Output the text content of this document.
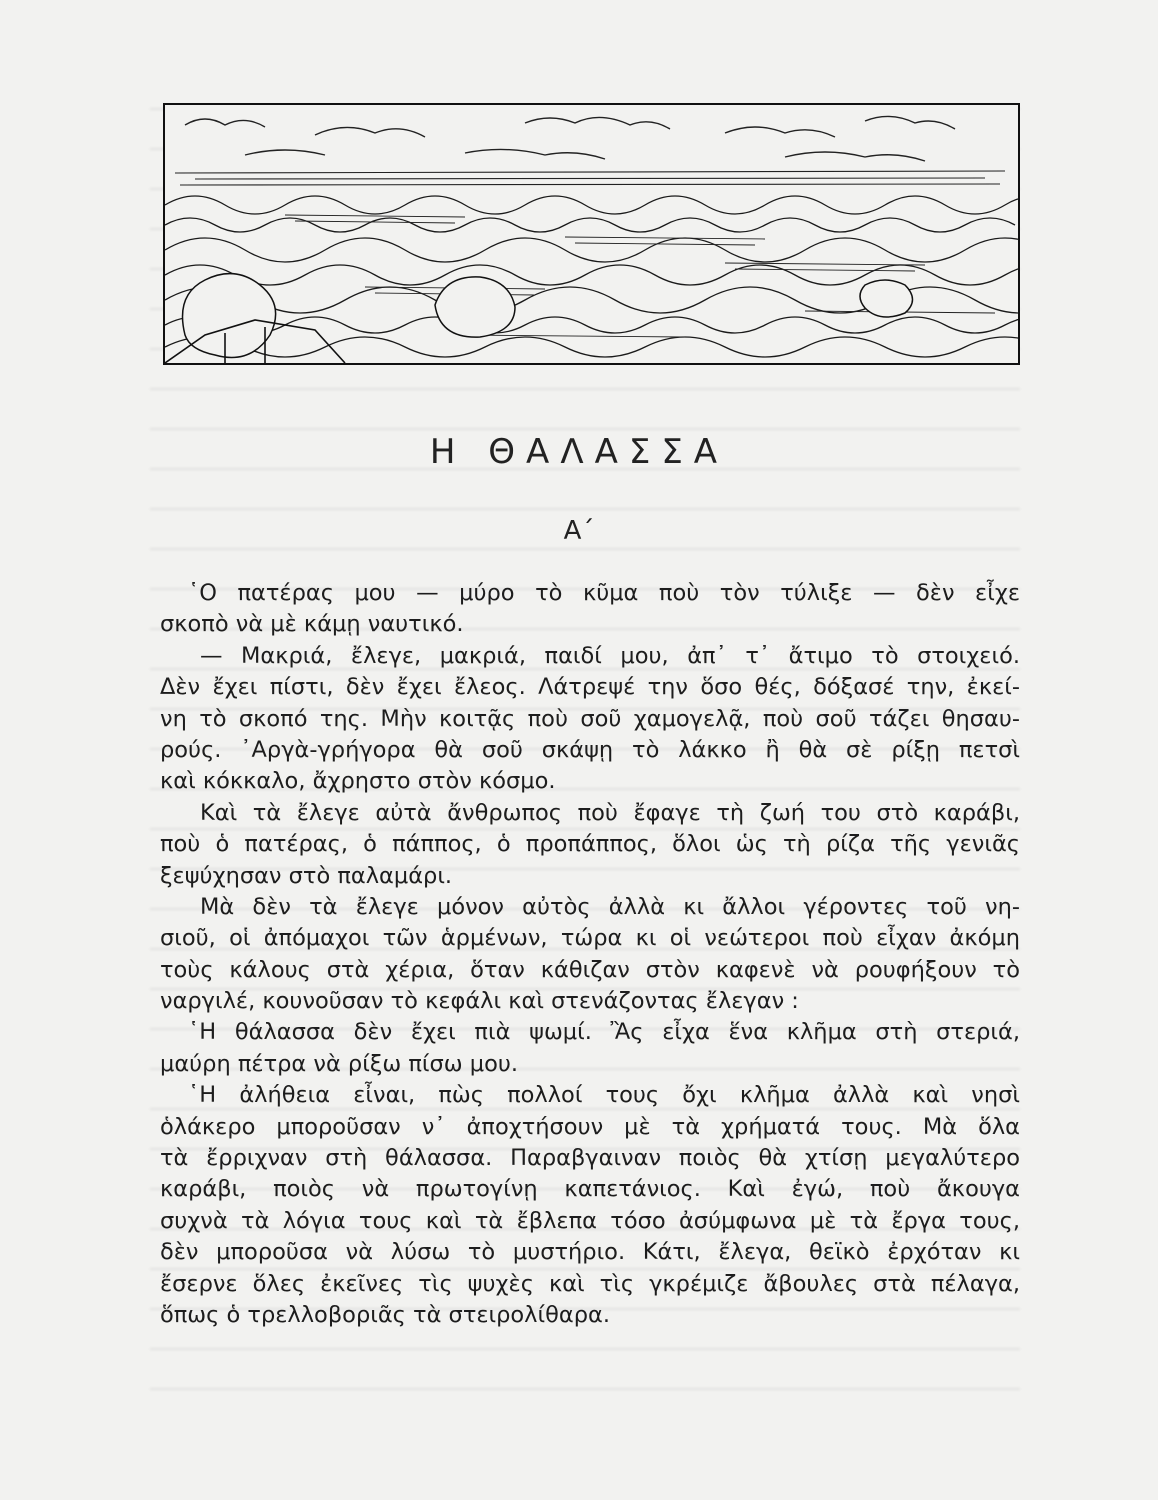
Η ΘΑΛΑΣΣΑ
Α΄
῾Ο πατέρας μου — μύρο τὸ κῦμα ποὺ τὸν τύλιξε — δὲν εἶχε
σκοπὸ νὰ μὲ κάμῃ ναυτικό.
— Μακριά, ἔλεγε, μακριά, παιδί μου, ἀπ᾽ τ᾽ ἄτιμο τὸ στοιχειό.
Δὲν ἔχει πίστι, δὲν ἔχει ἔλεος. Λάτρεψέ την ὅσο θές, δόξασέ την, ἐκεί-
νη τὸ σκοπό της. Μὴν κοιτᾷς ποὺ σοῦ χαμογελᾷ, ποὺ σοῦ τάζει θησαυ-
ρούς. ᾿Αργὰ-γρήγορα θὰ σοῦ σκάψῃ τὸ λάκκο ἢ θὰ σὲ ρίξῃ πετσὶ
καὶ κόκκαλο, ἄχρηστο στὸν κόσμο.
Καὶ τὰ ἔλεγε αὐτὰ ἄνθρωπος ποὺ ἔφαγε τὴ ζωή του στὸ καράβι,
ποὺ ὁ πατέρας, ὁ πάππος, ὁ προπάππος, ὅλοι ὡς τὴ ρίζα τῆς γενιᾶς
ξεψύχησαν στὸ παλαμάρι.
Μὰ δὲν τὰ ἔλεγε μόνον αὐτὸς ἀλλὰ κι ἄλλοι γέροντες τοῦ νη-
σιοῦ, οἱ ἀπόμαχοι τῶν ἁρμένων, τώρα κι οἱ νεώτεροι ποὺ εἶχαν ἀκόμη
τοὺς κάλους στὰ χέρια, ὅταν κάθιζαν στὸν καφενὲ νὰ ρουφήξουν τὸ
ναργιλέ, κουνοῦσαν τὸ κεφάλι καὶ στενάζοντας ἔλεγαν :
῾Η θάλασσα δὲν ἔχει πιὰ ψωμί. Ἂς εἶχα ἕνα κλῆμα στὴ στεριά,
μαύρη πέτρα νὰ ρίξω πίσω μου.
῾Η ἀλήθεια εἶναι, πὼς πολλοί τους ὄχι κλῆμα ἀλλὰ καὶ νησὶ
ὁλάκερο μποροῦσαν ν᾽ ἀποχτήσουν μὲ τὰ χρήματά τους. Μὰ ὅλα
τὰ ἔρριχναν στὴ θάλασσα. Παραβγαιναν ποιὸς θὰ χτίσῃ μεγαλύτερο
καράβι, ποιὸς νὰ πρωτογίνῃ καπετάνιος. Καὶ ἐγώ, ποὺ ἄκουγα
συχνὰ τὰ λόγια τους καὶ τὰ ἔβλεπα τόσο ἀσύμφωνα μὲ τὰ ἔργα τους,
δὲν μποροῦσα νὰ λύσω τὸ μυστήριο. Κάτι, ἔλεγα, θεϊκὸ ἐρχόταν κι
ἔσερνε ὅλες ἐκεῖνες τὶς ψυχὲς καὶ τὶς γκρέμιζε ἄβουλες στὰ πέλαγα,
ὅπως ὁ τρελλοβοριᾶς τὰ στειρολίθαρα.
